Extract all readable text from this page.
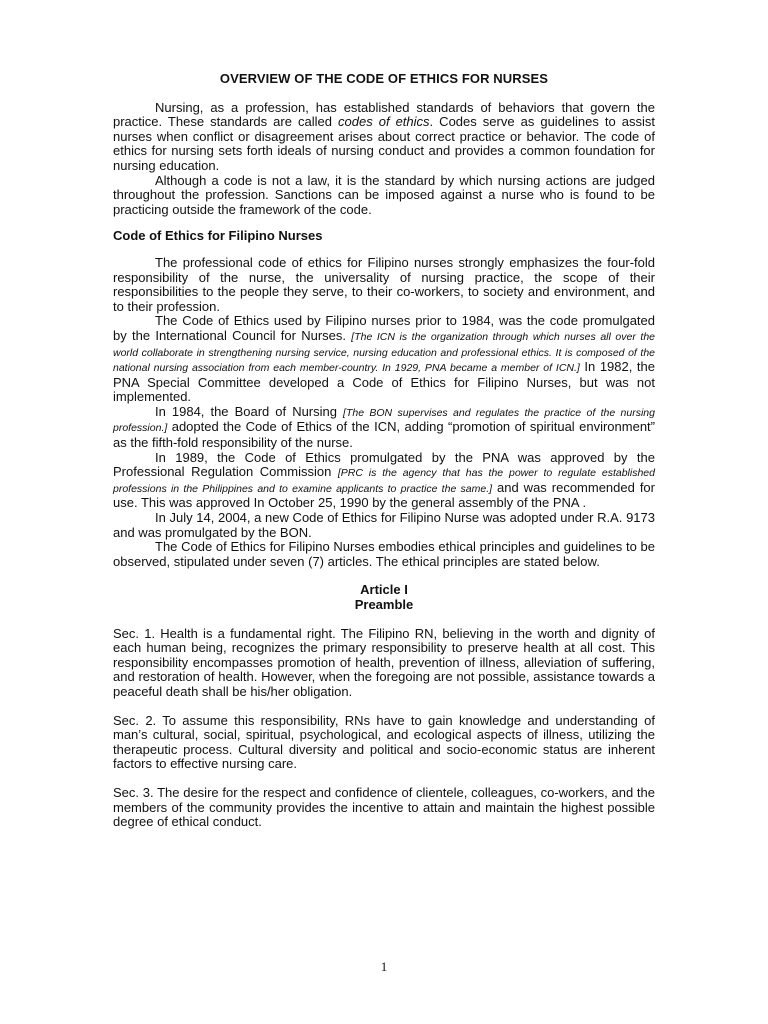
OVERVIEW OF THE CODE OF ETHICS FOR NURSES

Nursing, as a profession, has established standards of behaviors that govern the practice. These standards are called codes of ethics. Codes serve as guidelines to assist nurses when conflict or disagreement arises about correct practice or behavior. The code of ethics for nursing sets forth ideals of nursing conduct and provides a common foundation for nursing education.

Although a code is not a law, it is the standard by which nursing actions are judged throughout the profession. Sanctions can be imposed against a nurse who is found to be practicing outside the framework of the code.

Code of Ethics for Filipino Nurses

The professional code of ethics for Filipino nurses strongly emphasizes the four-fold responsibility of the nurse, the universality of nursing practice, the scope of their responsibilities to the people they serve, to their co-workers, to society and environment, and to their profession.

The Code of Ethics used by Filipino nurses prior to 1984, was the code promulgated by the International Council for Nurses. [The ICN is the organization through which nurses all over the world collaborate in strengthening nursing service, nursing education and professional ethics. It is composed of the national nursing association from each member-country. In 1929, PNA became a member of ICN.] In 1982, the PNA Special Committee developed a Code of Ethics for Filipino Nurses, but was not implemented.

In 1984, the Board of Nursing [The BON supervises and regulates the practice of the nursing profession.] adopted the Code of Ethics of the ICN, adding “promotion of spiritual environment” as the fifth-fold responsibility of the nurse.

In 1989, the Code of Ethics promulgated by the PNA was approved by the Professional Regulation Commission [PRC is the agency that has the power to regulate established professions in the Philippines and to examine applicants to practice the same.] and was recommended for use. This was approved In October 25, 1990 by the general assembly of the PNA .

In July 14, 2004, a new Code of Ethics for Filipino Nurse was adopted under R.A. 9173 and was promulgated by the BON.

The Code of Ethics for Filipino Nurses embodies ethical principles and guidelines to be observed, stipulated under seven (7) articles. The ethical principles are stated below.

Article I
Preamble

Sec. 1. Health is a fundamental right. The Filipino RN, believing in the worth and dignity of each human being, recognizes the primary responsibility to preserve health at all cost. This responsibility encompasses promotion of health, prevention of illness, alleviation of suffering, and restoration of health. However, when the foregoing are not possible, assistance towards a peaceful death shall be his/her obligation.

Sec. 2. To assume this responsibility, RNs have to gain knowledge and understanding of man’s cultural, social, spiritual, psychological, and ecological aspects of illness, utilizing the therapeutic process. Cultural diversity and political and socio-economic status are inherent factors to effective nursing care.

Sec. 3. The desire for the respect and confidence of clientele, colleagues, co-workers, and the members of the community provides the incentive to attain and maintain the highest possible degree of ethical conduct.

1
